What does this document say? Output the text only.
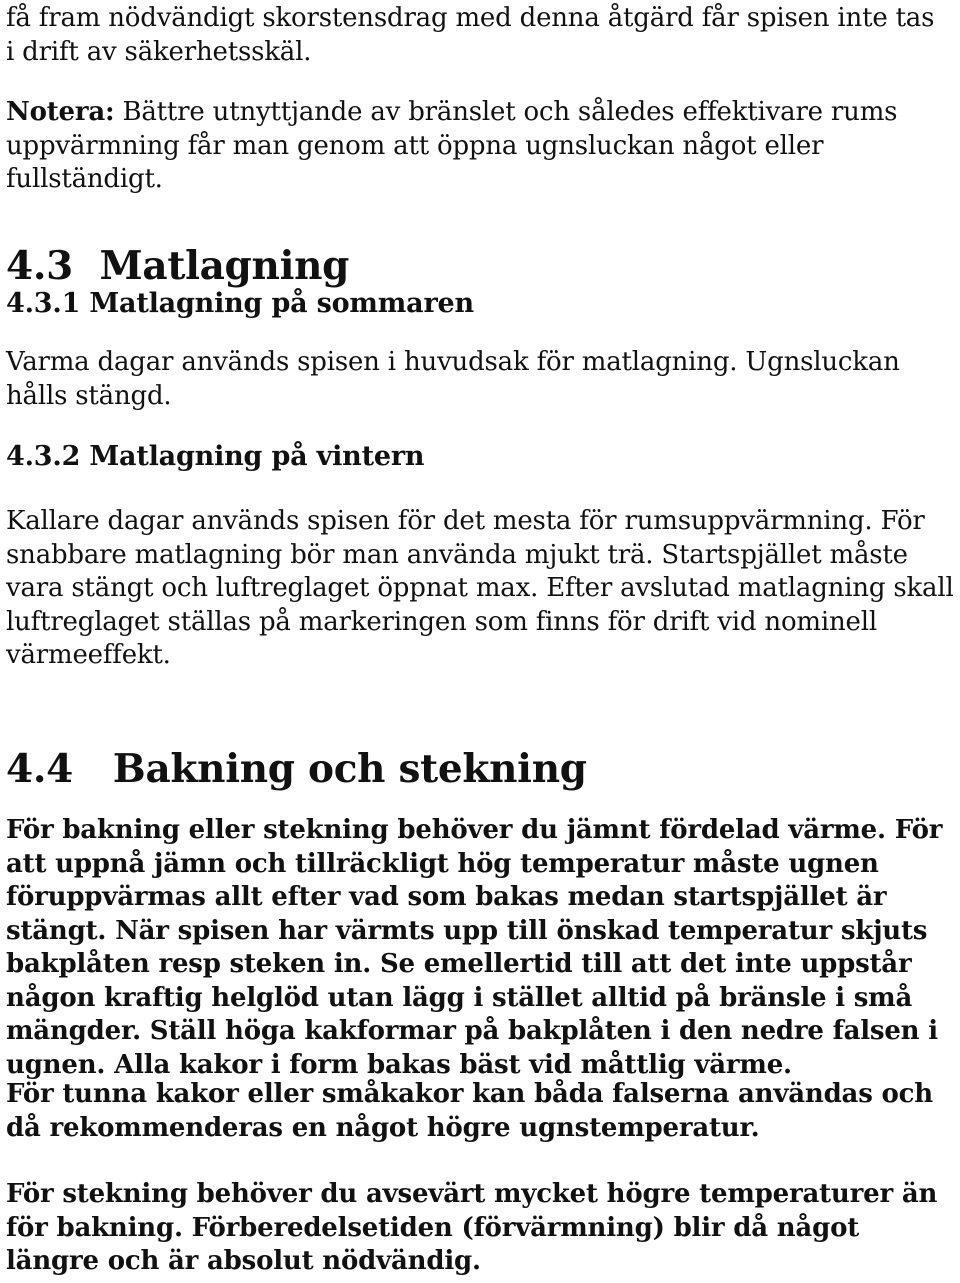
få fram nödvändigt skorstensdrag med denna åtgärd får spisen inte tas i drift av säkerhetsskäl.

Notera: Bättre utnyttjande av bränslet och således effektivare rums uppvärmning får man genom att öppna ugnsluckan något eller fullständigt.

4.3 Matlagning
4.3.1 Matlagning på sommaren

Varma dagar används spisen i huvudsak för matlagning. Ugnsluckan hålls stängd.

4.3.2 Matlagning på vintern

Kallare dagar används spisen för det mesta för rumsuppvärmning. För snabbare matlagning bör man använda mjukt trä. Startspjället måste vara stängt och luftreglaget öppnat max. Efter avslutad matlagning skall luftreglaget ställas på markeringen som finns för drift vid nominell värmeeffekt.

4.4 Bakning och stekning

För bakning eller stekning behöver du jämnt fördelad värme. För att uppnå jämn och tillräckligt hög temperatur måste ugnen föruppvärmas allt efter vad som bakas medan startspjället är stängt. När spisen har värmts upp till önskad temperatur skjuts bakplåten resp steken in. Se emellertid till att det inte uppstår någon kraftig helglöd utan lägg i stället alltid på bränsle i små mängder. Ställ höga kakformar på bakplåten i den nedre falsen i ugnen. Alla kakor i form bakas bäst vid måttlig värme.

För tunna kakor eller småkakor kan båda falserna användas och då rekommenderas en något högre ugnstemperatur.

För stekning behöver du avsevärt mycket högre temperaturer än för bakning. Förberedelsetiden (förvärmning) blir då något längre och är absolut nödvändig.
